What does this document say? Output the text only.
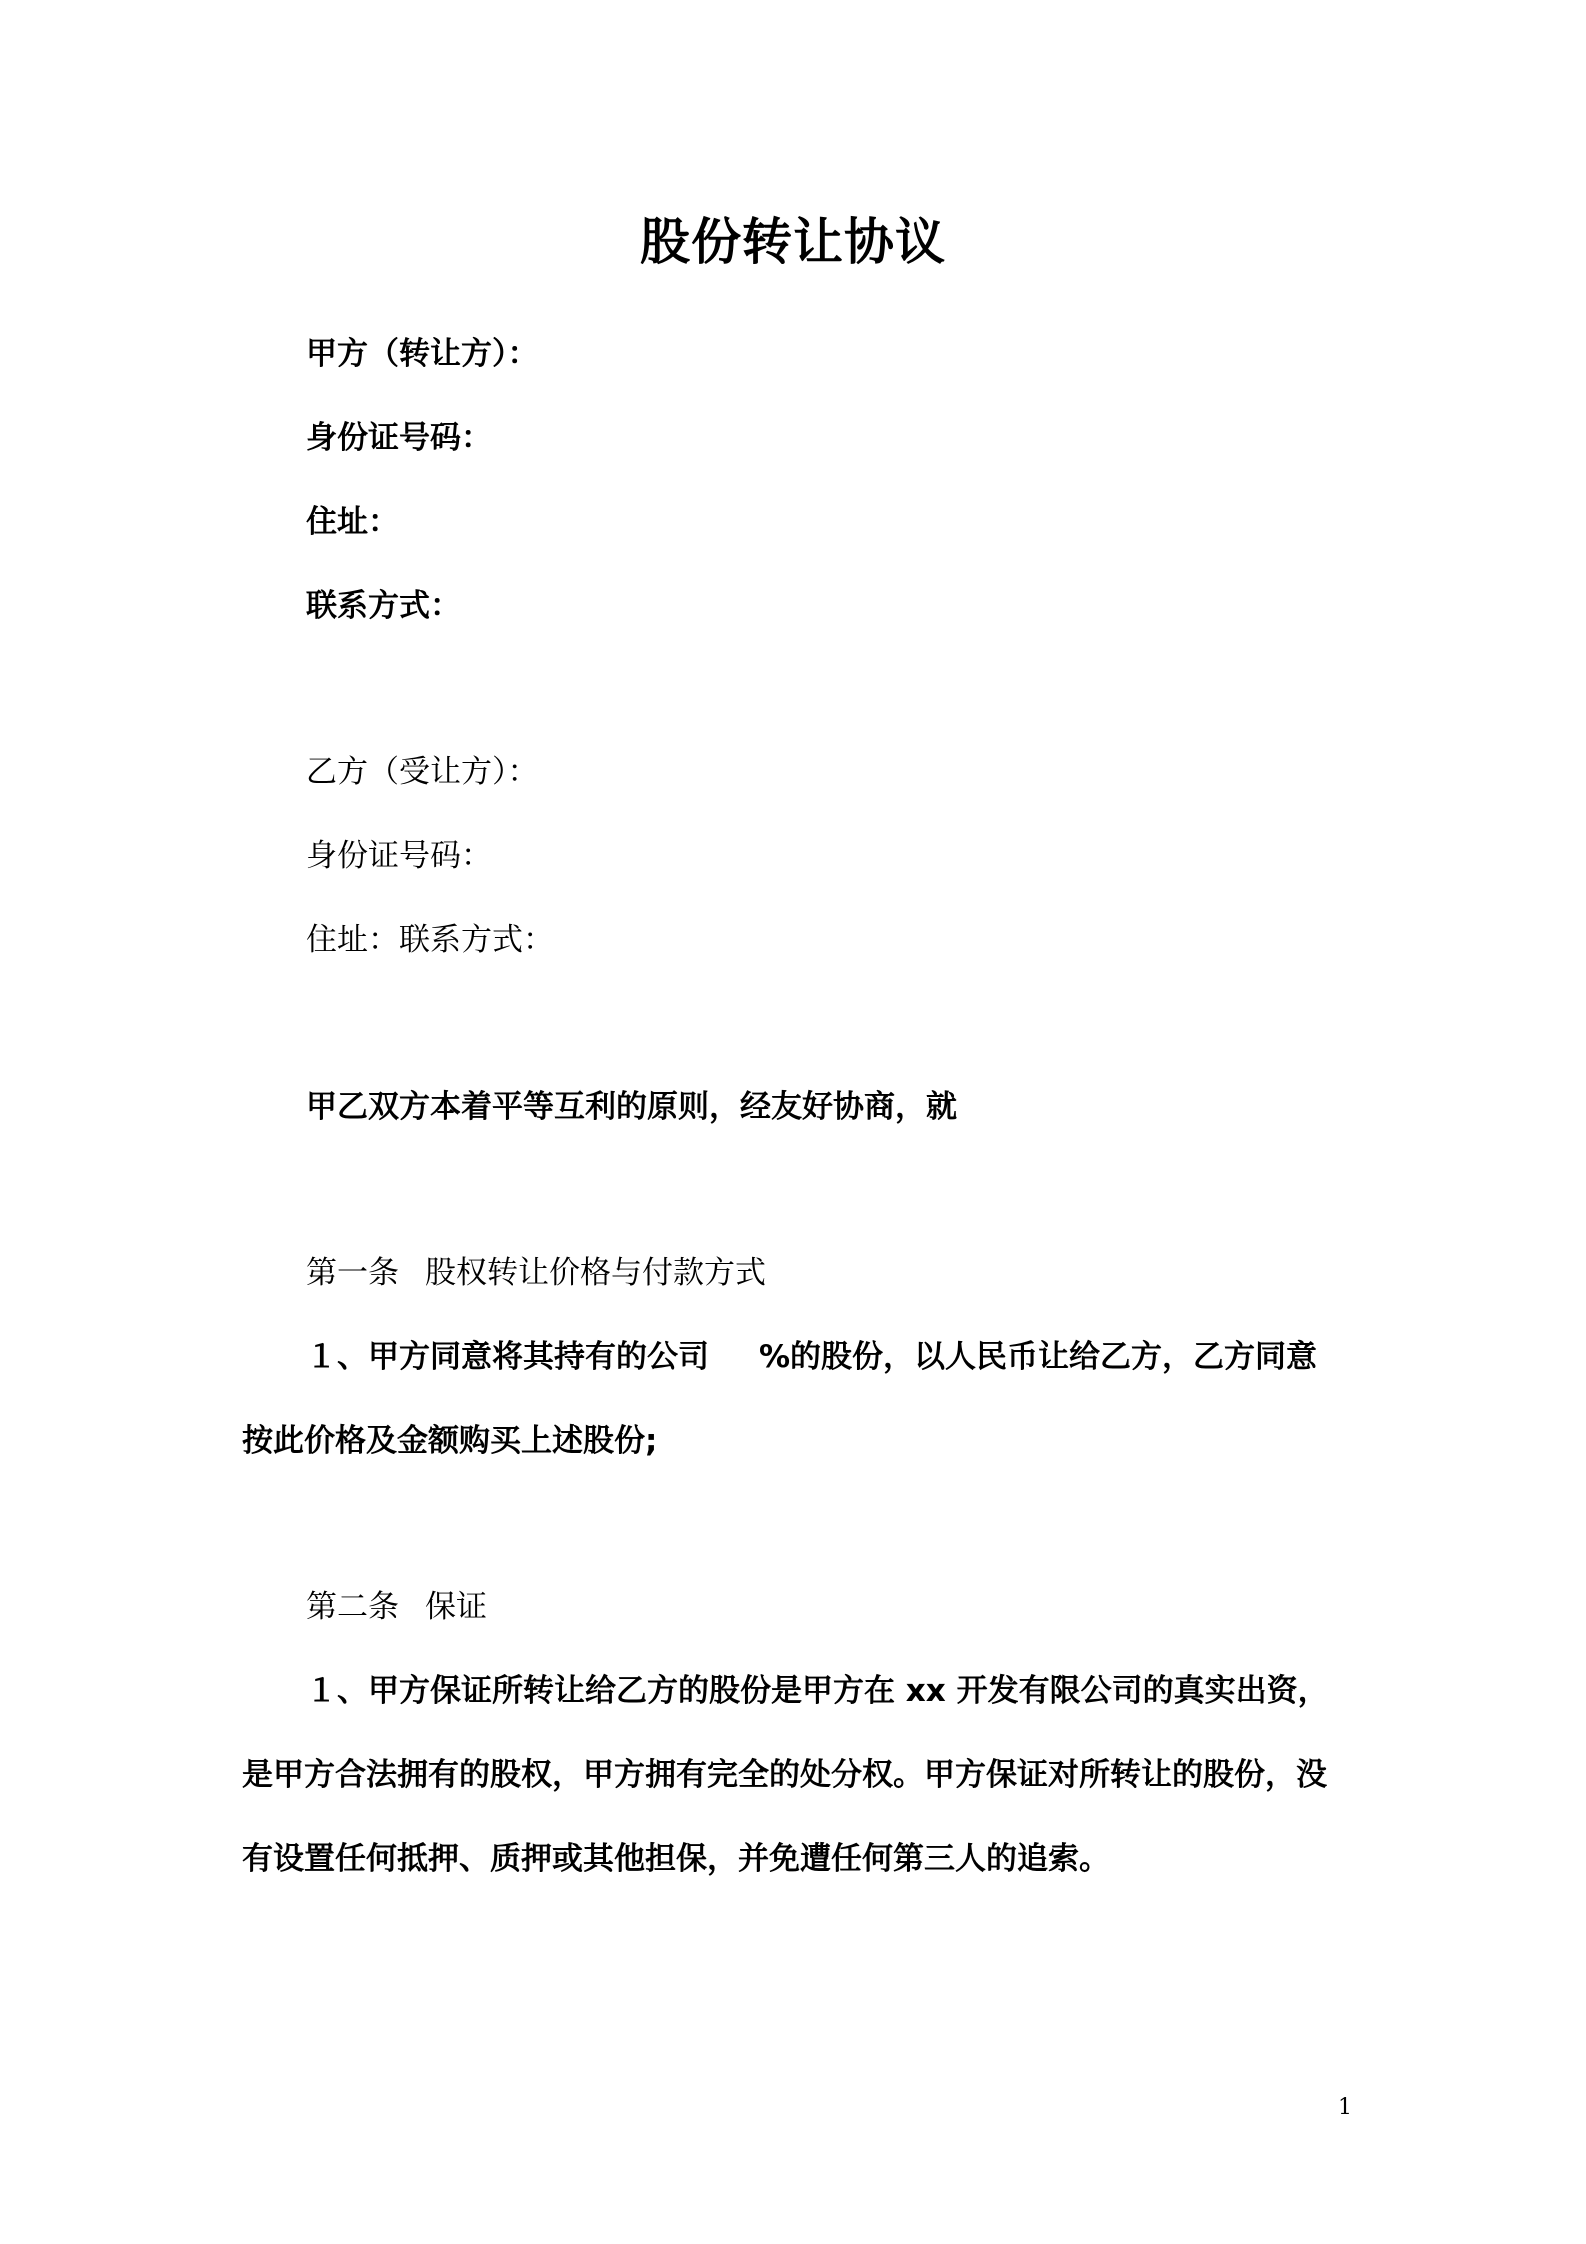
股份转让协议
甲方（转让方）：
身份证号码：
住址：
联系方式：
乙方（受让方）：
身份证号码：
住址：联系方式：
甲乙双方本着平等互利的原则，经友好协商，就
第一条 股权转让价格与付款方式
１、甲方同意将其持有的公司 %的股份，以人民币让给乙方，乙方同意
按此价格及金额购买上述股份;
第二条 保证
１、甲方保证所转让给乙方的股份是甲方在 xx 开发有限公司的真实出资，
是甲方合法拥有的股权，甲方拥有完全的处分权。甲方保证对所转让的股份，没
有设置任何抵押、质押或其他担保，并免遭任何第三人的追索。
1
